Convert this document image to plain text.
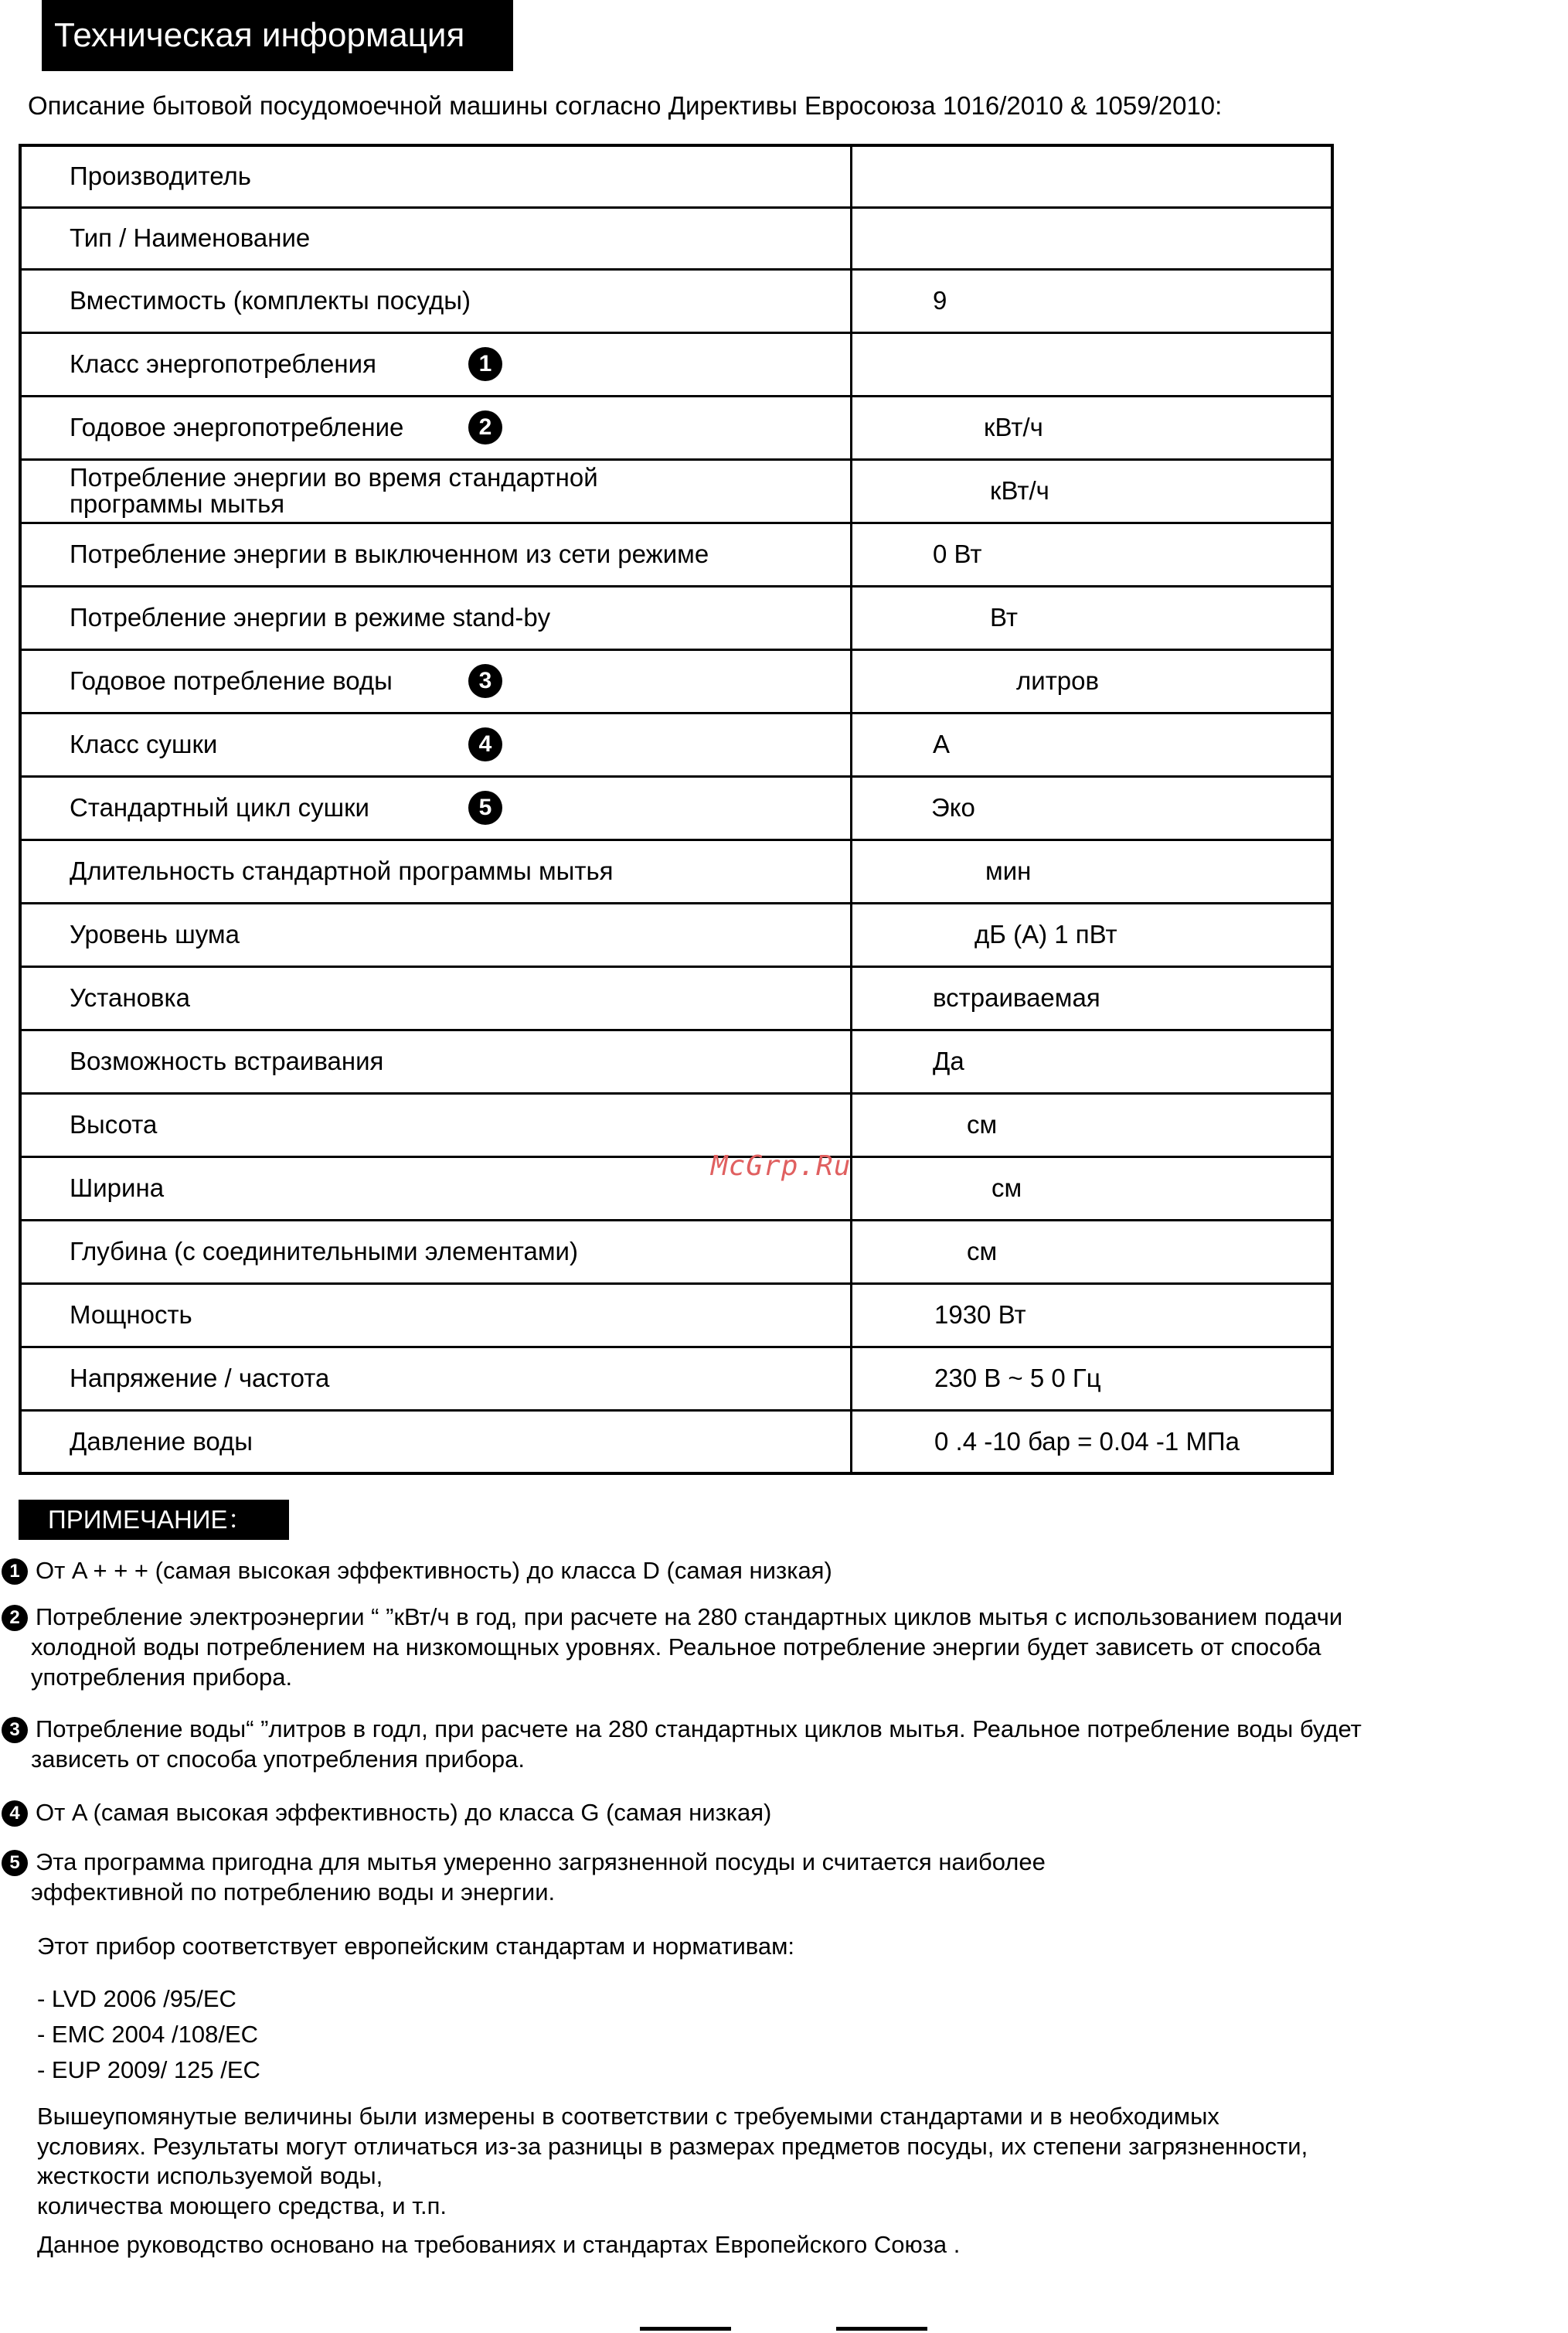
Техническая информация
Описание бытовой посудомоечной машины согласно Директивы Евросоюза 1016/2010 & 1059/2010:
Производитель	
Тип / Наименование	
Вместимость (комплекты посуды)	9
Класс энергопотребления 1	

Годовое энергопотребление 2	кВт/ч

Потребление энергии во время стандартной
программы мытья	кВт/ч
Потребление энергии в выключенном из сети режиме	0 Вт
Потребление энергии в режиме stand-by	Вт
Годовое потребление воды 3	литров
Класс сушки 4	A
Стандартный цикл сушки 5	Эко
Длительность стандартной программы мытья	мин
Уровень шума	дБ (А) 1 пВт
Установка	встраиваемая
Возможность встраивания	Да
Высота	см
Ширина	см
Глубина (с соединительными элементами)	см
Мощность	1930 Вт
Напряжение / частота	230 В ~ 5 0 Гц
Давление воды	0 .4 -10 бар = 0.04 -1 МПа
McGrp.Ru
ПРИМЕЧАНИЕ：
1 От A + + + (самая высокая эффективность) до класса D (самая низкая)
2 Потребление электроэнергии “ ”кВт/ч в год, при расчете на 280 стандартных циклов мытья с использованием подачи
холодной воды потреблением на низкомощных уровнях. Реальное потребление энергии будет зависеть от способа
употребления прибора.
3 Потребление воды“ ”литров в годл, при расчете на 280 стандартных циклов мытья. Реальное потребление воды будет
зависеть от способа употребления прибора.
4 От A (самая высокая эффективность) до класса G (самая низкая)
5 Эта программа пригодна для мытья умеренно загрязненной посуды и считается наиболее
эффективной по потреблению воды и энергии.
Этот прибор соответствует европейским стандартам и нормативам:
- LVD 2006 /95/EC
- EMC 2004 /108/EC
- EUP 2009/ 125 /EC
Вышеупомянутые величины были измерены в соответствии с требуемыми стандартами и в необходимых
условиях. Результаты могут отличаться из-за разницы в размерах предметов посуды, их степени загрязненности,
жесткости используемой воды,
количества моющего средства, и т.п.
Данное руководство основано на требованиях и стандартах Европейского Союза .
